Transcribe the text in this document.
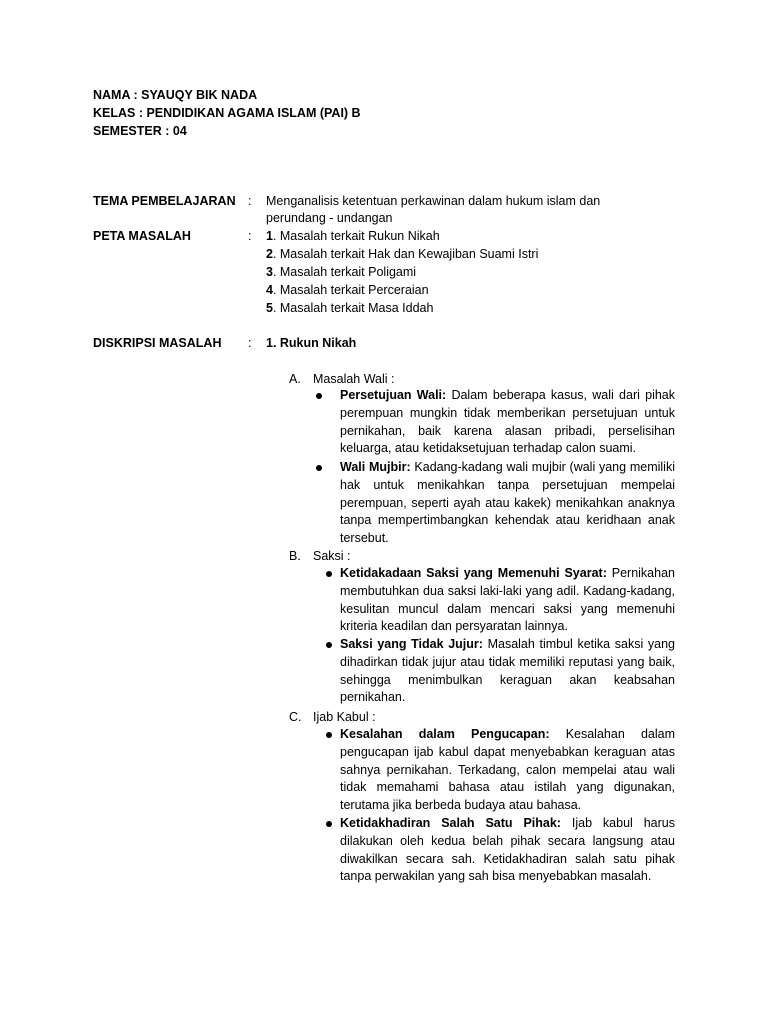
NAMA : SYAUQY BIK NADA
KELAS : PENDIDIKAN AGAMA ISLAM (PAI) B
SEMESTER : 04
TEMA PEMBELAJARAN : Menganalisis ketentuan perkawinan dalam hukum islam dan
perundang - undangan
PETA MASALAH	: 1. Masalah terkait Rukun Nikah
2. Masalah terkait Hak dan Kewajiban Suami Istri
3. Masalah terkait Poligami
4. Masalah terkait Perceraian
5. Masalah terkait Masa Iddah
DISKRIPSI MASALAH : 1. Rukun Nikah
A. Masalah Wali :
Persetujuan Wali: Dalam beberapa kasus, wali dari pihak perempuan mungkin tidak memberikan persetujuan untuk pernikahan, baik karena alasan pribadi, perselisihan keluarga, atau ketidaksetujuan terhadap calon suami.
Wali Mujbir: Kadang-kadang wali mujbir (wali yang memiliki hak untuk menikahkan tanpa persetujuan mempelai perempuan, seperti ayah atau kakek) menikahkan anaknya tanpa mempertimbangkan kehendak atau keridhaan anak tersebut.
B. Saksi :
Ketidakadaan Saksi yang Memenuhi Syarat: Pernikahan membutuhkan dua saksi laki-laki yang adil. Kadang-kadang, kesulitan muncul dalam mencari saksi yang memenuhi kriteria keadilan dan persyaratan lainnya.
Saksi yang Tidak Jujur: Masalah timbul ketika saksi yang dihadirkan tidak jujur atau tidak memiliki reputasi yang baik, sehingga menimbulkan keraguan akan keabsahan pernikahan.
C. Ijab Kabul :
Kesalahan dalam Pengucapan: Kesalahan dalam pengucapan ijab kabul dapat menyebabkan keraguan atas sahnya pernikahan. Terkadang, calon mempelai atau wali tidak memahami bahasa atau istilah yang digunakan, terutama jika berbeda budaya atau bahasa.
Ketidakhadiran Salah Satu Pihak: Ijab kabul harus dilakukan oleh kedua belah pihak secara langsung atau diwakilkan secara sah. Ketidakhadiran salah satu pihak tanpa perwakilan yang sah bisa menyebabkan masalah.
